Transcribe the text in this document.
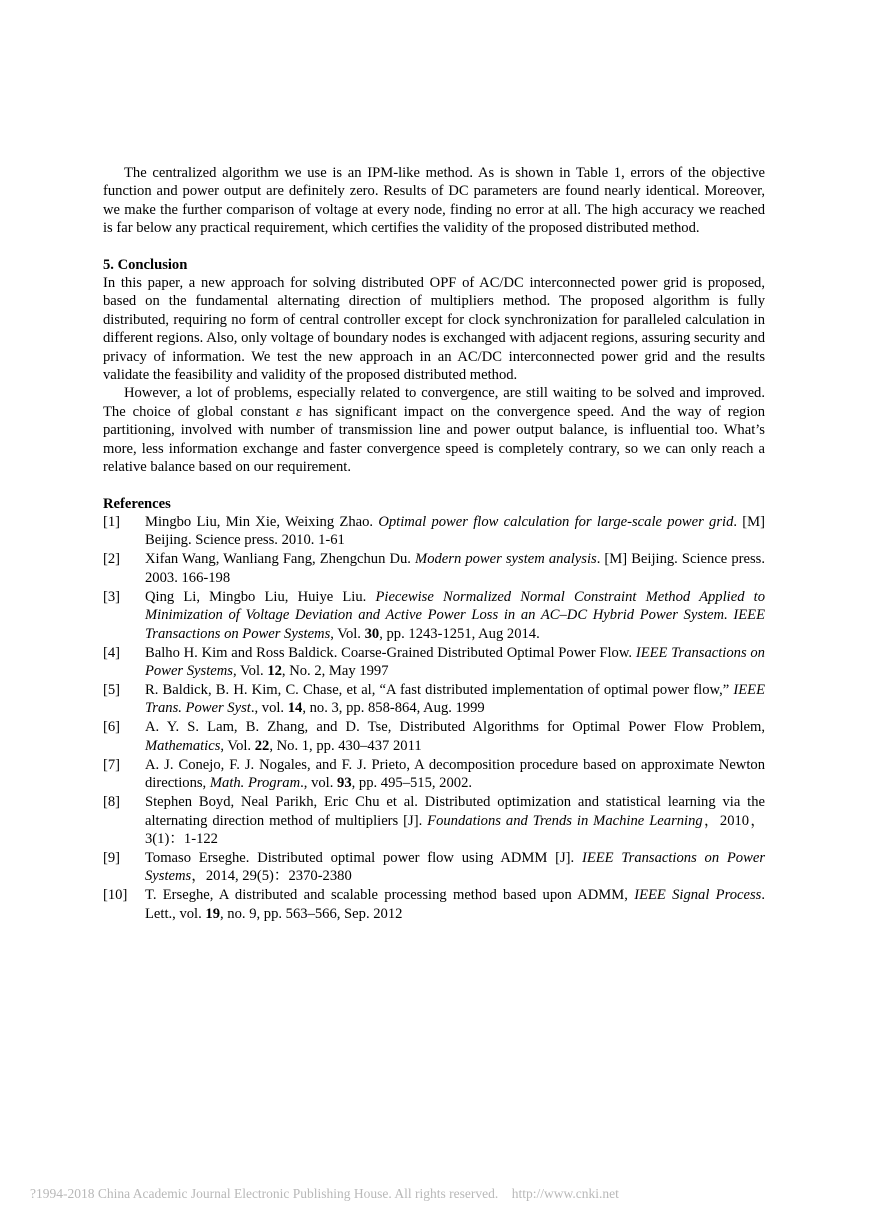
The centralized algorithm we use is an IPM-like method. As is shown in Table 1, errors of the objective function and power output are definitely zero. Results of DC parameters are found nearly identical. Moreover, we make the further comparison of voltage at every node, finding no error at all. The high accuracy we reached is far below any practical requirement, which certifies the validity of the proposed distributed method.

5. Conclusion

In this paper, a new approach for solving distributed OPF of AC/DC interconnected power grid is proposed, based on the fundamental alternating direction of multipliers method. The proposed algorithm is fully distributed, requiring no form of central controller except for clock synchronization for paralleled calculation in different regions. Also, only voltage of boundary nodes is exchanged with adjacent regions, assuring security and privacy of information. We test the new approach in an AC/DC interconnected power grid and the results validate the feasibility and validity of the proposed distributed method.

However, a lot of problems, especially related to convergence, are still waiting to be solved and improved. The choice of global constant ε has significant impact on the convergence speed. And the way of region partitioning, involved with number of transmission line and power output balance, is influential too. What’s more, less information exchange and faster convergence speed is completely contrary, so we can only reach a relative balance based on our requirement.

References
[1] Mingbo Liu, Min Xie, Weixing Zhao. Optimal power flow calculation for large-scale power grid. [M] Beijing. Science press. 2010. 1-61
[2] Xifan Wang, Wanliang Fang, Zhengchun Du. Modern power system analysis. [M] Beijing. Science press. 2003. 166-198
[3] Qing Li, Mingbo Liu, Huiye Liu. Piecewise Normalized Normal Constraint Method Applied to Minimization of Voltage Deviation and Active Power Loss in an AC–DC Hybrid Power System. IEEE Transactions on Power Systems, Vol. 30, pp. 1243-1251, Aug 2014.
[4] Balho H. Kim and Ross Baldick. Coarse-Grained Distributed Optimal Power Flow. IEEE Transactions on Power Systems, Vol. 12, No. 2, May 1997
[5] R. Baldick, B. H. Kim, C. Chase, et al, “A fast distributed implementation of optimal power flow,” IEEE Trans. Power Syst., vol. 14, no. 3, pp. 858-864, Aug. 1999
[6] A. Y. S. Lam, B. Zhang, and D. Tse, Distributed Algorithms for Optimal Power Flow Problem, Mathematics, Vol. 22, No. 1, pp. 430–437 2011
[7] A. J. Conejo, F. J. Nogales, and F. J. Prieto, A decomposition procedure based on approximate Newton directions, Math. Program., vol. 93, pp. 495–515, 2002.
[8] Stephen Boyd, Neal Parikh, Eric Chu et al. Distributed optimization and statistical learning via the alternating direction method of multipliers [J]. Foundations and Trends in Machine Learning，2010，3(1)：1-122
[9] Tomaso Erseghe. Distributed optimal power flow using ADMM [J]. IEEE Transactions on Power Systems，2014, 29(5)：2370-2380
[10] T. Erseghe, A distributed and scalable processing method based upon ADMM, IEEE Signal Process. Lett., vol. 19, no. 9, pp. 563–566, Sep. 2012
?1994-2018 China Academic Journal Electronic Publishing House. All rights reserved. http://www.cnki.net
